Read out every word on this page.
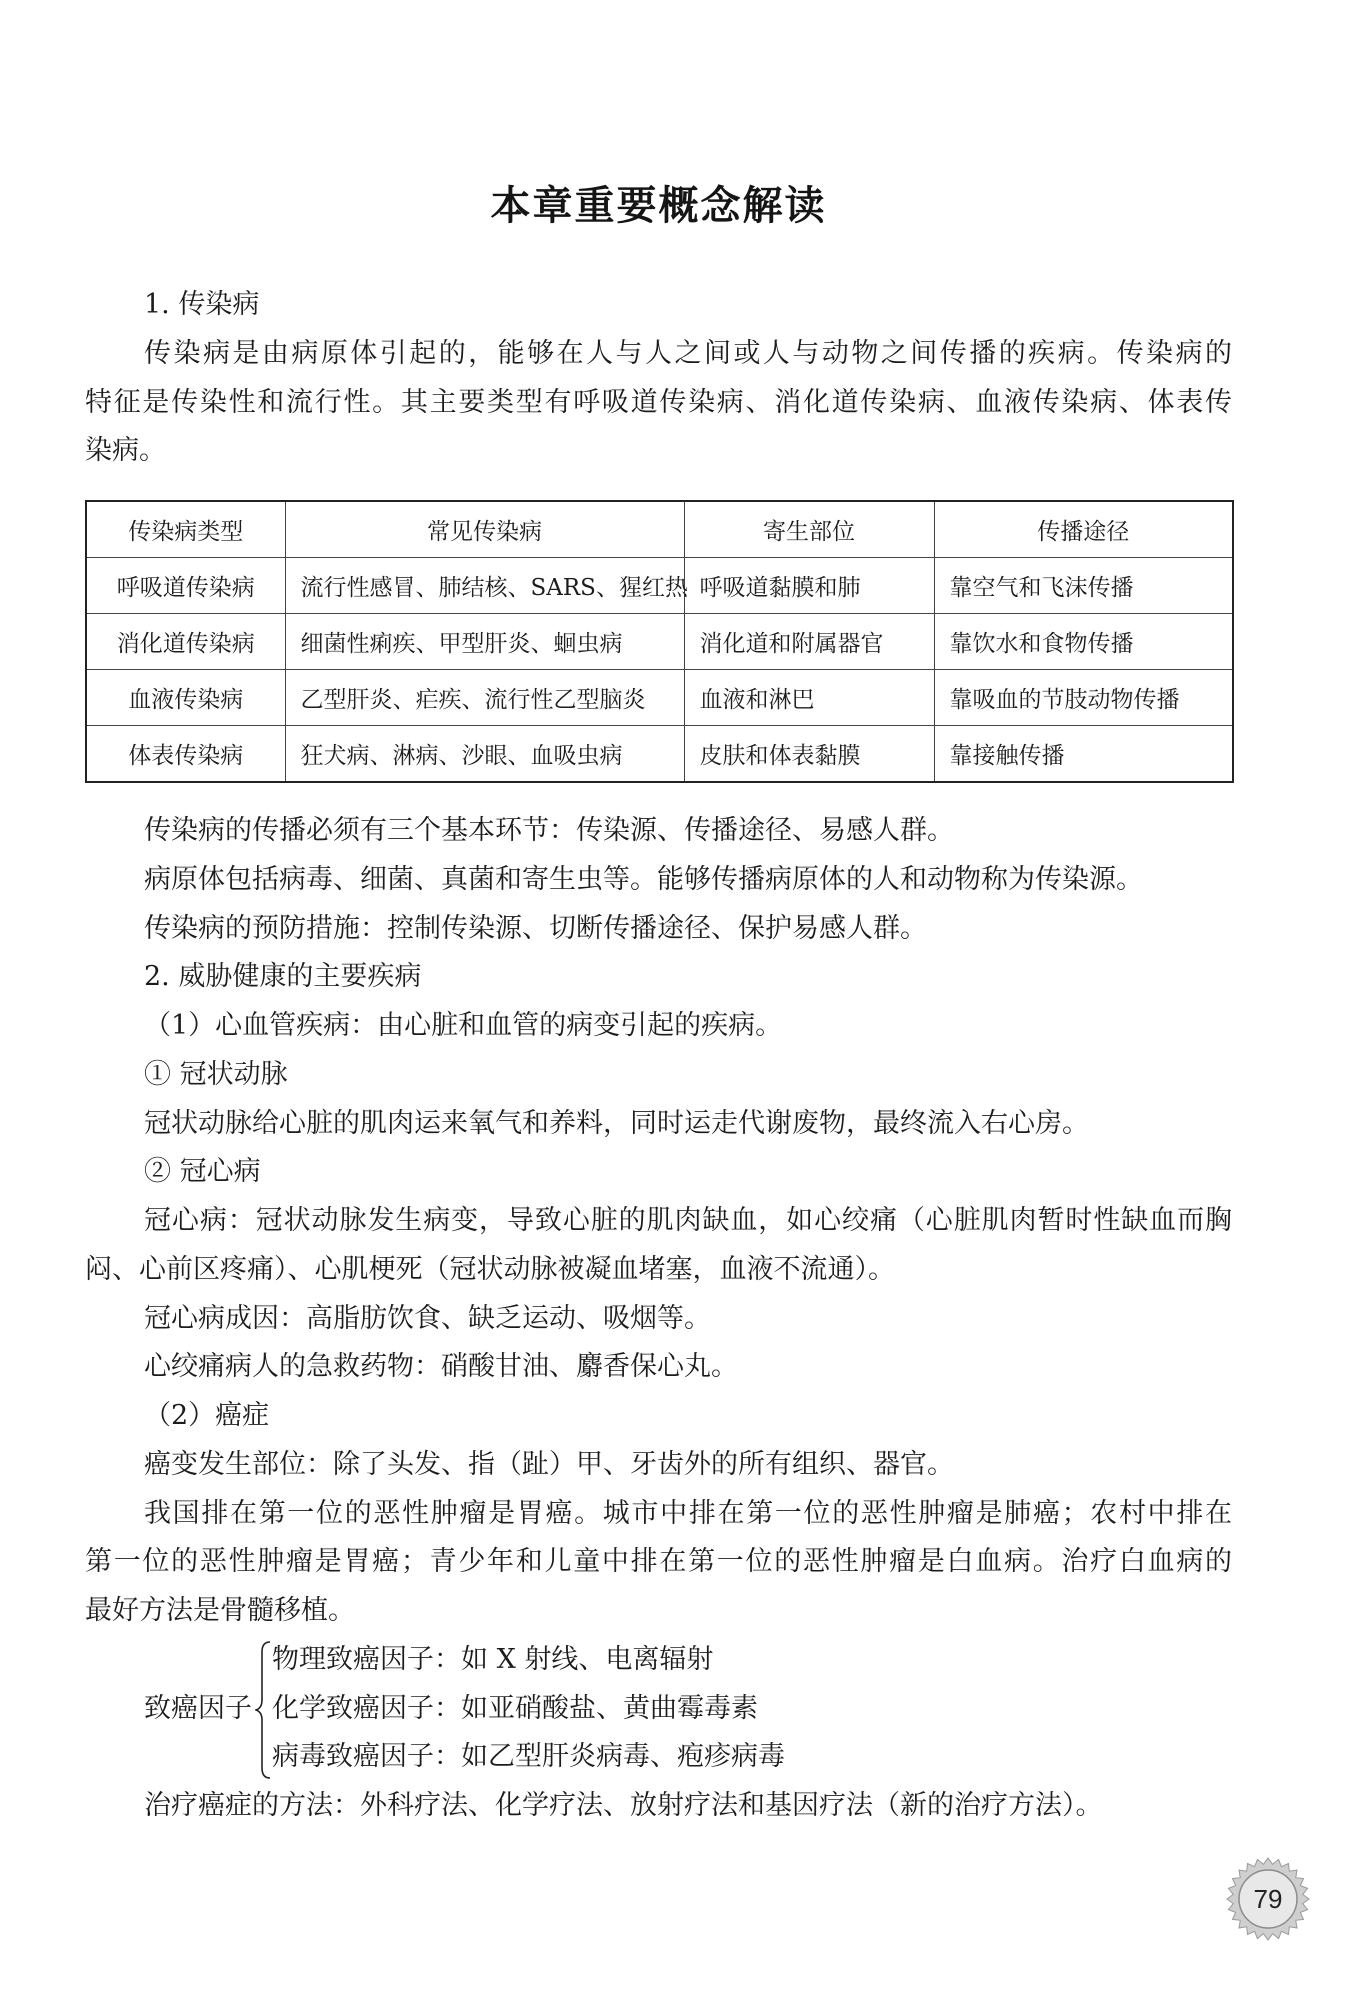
本章重要概念解读
1. 传染病
传染病是由病原体引起的，能够在人与人之间或人与动物之间传播的疾病。传染病的
特征是传染性和流行性。其主要类型有呼吸道传染病、消化道传染病、血液传染病、体表传
染病。
传染病类型	常见传染病	寄生部位	传播途径
呼吸道传染病	流行性感冒、肺结核、SARS、猩红热	呼吸道黏膜和肺	靠空气和飞沫传播
消化道传染病	细菌性痢疾、甲型肝炎、蛔虫病	消化道和附属器官	靠饮水和食物传播
血液传染病	乙型肝炎、疟疾、流行性乙型脑炎	血液和淋巴	靠吸血的节肢动物传播
体表传染病	狂犬病、淋病、沙眼、血吸虫病	皮肤和体表黏膜	靠接触传播
传染病的传播必须有三个基本环节：传染源、传播途径、易感人群。
病原体包括病毒、细菌、真菌和寄生虫等。能够传播病原体的人和动物称为传染源。
传染病的预防措施：控制传染源、切断传播途径、保护易感人群。
2. 威胁健康的主要疾病
（1）心血管疾病：由心脏和血管的病变引起的疾病。
① 冠状动脉
冠状动脉给心脏的肌肉运来氧气和养料，同时运走代谢废物，最终流入右心房。
② 冠心病
冠心病：冠状动脉发生病变，导致心脏的肌肉缺血，如心绞痛（心脏肌肉暂时性缺血而胸
闷、心前区疼痛）、心肌梗死（冠状动脉被凝血堵塞，血液不流通）。
冠心病成因：高脂肪饮食、缺乏运动、吸烟等。
心绞痛病人的急救药物：硝酸甘油、麝香保心丸。
（2）癌症
癌变发生部位：除了头发、指（趾）甲、牙齿外的所有组织、器官。
我国排在第一位的恶性肿瘤是胃癌。城市中排在第一位的恶性肿瘤是肺癌；农村中排在
第一位的恶性肿瘤是胃癌；青少年和儿童中排在第一位的恶性肿瘤是白血病。治疗白血病的
最好方法是骨髓移植。
致癌因子
物理致癌因子：如 X 射线、电离辐射
化学致癌因子：如亚硝酸盐、黄曲霉毒素
病毒致癌因子：如乙型肝炎病毒、疱疹病毒
治疗癌症的方法：外科疗法、化学疗法、放射疗法和基因疗法（新的治疗方法）。
79
